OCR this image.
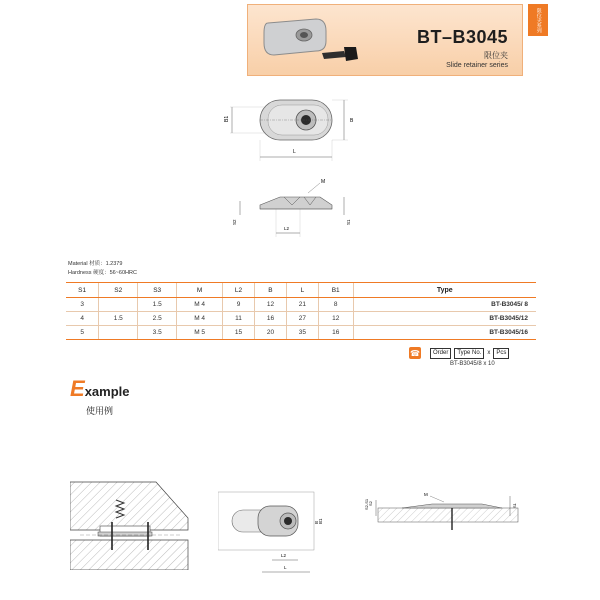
BT–B3045
限位夹
Slide retainer series
限位夹系列
B1	B
L
M
S2	S1
L2
Material 材质：1.2379
Hardness 硬度：56~60HRC
S1	S2	S3	M	L2	B	L	B1	Type
3		1.5	M 4	9	12	21	8	BT-B3045/ 8
4	1.5	2.5	M 4	11	16	27	12	BT-B3045/12
5		3.5	M 5	15	20	35	16	BT-B3045/16
☎	Order	Type No.	x	Pcs
BT-B3045/8 x 10
Example
使用例
B B1
L2
L
S2-S1 S2
M
S1
